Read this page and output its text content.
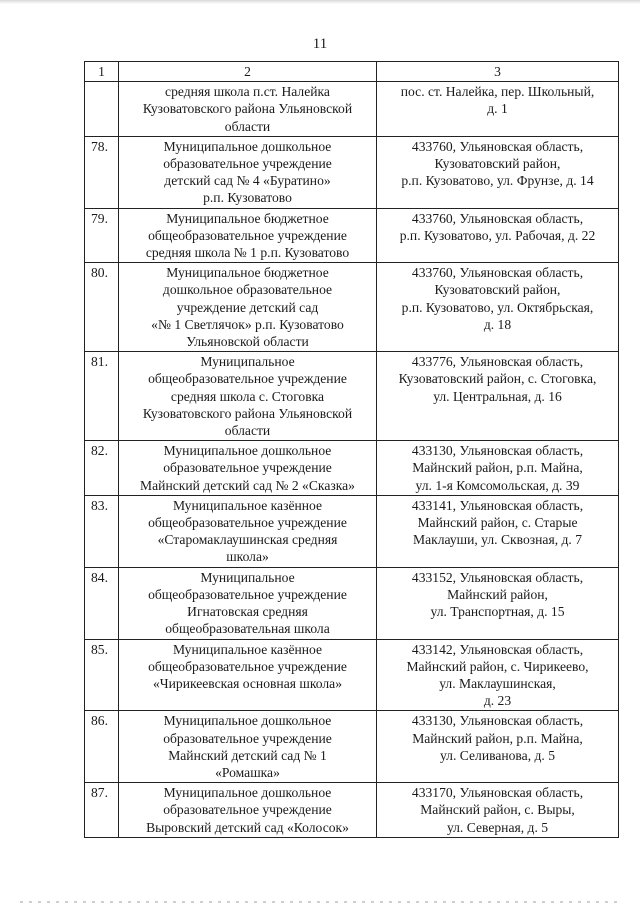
11
1	2	3

	средняя школа п.ст. Налейка
Кузоватовского района Ульяновской
области	пос. ст. Налейка, пер. Школьный,
д. 1

78.	Муниципальное дошкольное
образовательное учреждение
детский сад № 4 «Буратино»
р.п. Кузоватово	433760, Ульяновская область,
Кузоватовский район,
р.п. Кузоватово, ул. Фрунзе, д. 14

79.	Муниципальное бюджетное
общеобразовательное учреждение
средняя школа № 1 р.п. Кузоватово	433760, Ульяновская область,
р.п. Кузоватово, ул. Рабочая, д. 22

80.	Муниципальное бюджетное
дошкольное образовательное
учреждение детский сад
«№ 1 Светлячок» р.п. Кузоватово
Ульяновской области	433760, Ульяновская область,
Кузоватовский район,
р.п. Кузоватово, ул. Октябрьская,
д. 18

81.	Муниципальное
общеобразовательное учреждение
средняя школа с. Стоговка
Кузоватовского района Ульяновской
области	433776, Ульяновская область,
Кузоватовский район, с. Стоговка,
ул. Центральная, д. 16

82.	Муниципальное дошкольное
образовательное учреждение
Майнский детский сад № 2 «Сказка»	433130, Ульяновская область,
Майнский район, р.п. Майна,
ул. 1-я Комсомольская, д. 39

83.	Муниципальное казённое
общеобразовательное учреждение
«Старомаклаушинская средняя
школа»	433141, Ульяновская область,
Майнский район, с. Старые
Маклауши, ул. Сквозная, д. 7

84.	Муниципальное
общеобразовательное учреждение
Игнатовская средняя
общеобразовательная школа	433152, Ульяновская область,
Майнский район,
ул. Транспортная, д. 15

85.	Муниципальное казённое
общеобразовательное учреждение
«Чирикеевская основная школа»	433142, Ульяновская область,
Майнский район, с. Чирикеево,
ул. Маклаушинская,
д. 23

86.	Муниципальное дошкольное
образовательное учреждение
Майнский детский сад № 1
«Ромашка»	433130, Ульяновская область,
Майнский район, р.п. Майна,
ул. Селиванова, д. 5

87.	Муниципальное дошкольное
образовательное учреждение
Выровский детский сад «Колосок»	433170, Ульяновская область,
Майнский район, с. Выры,
ул. Северная, д. 5
